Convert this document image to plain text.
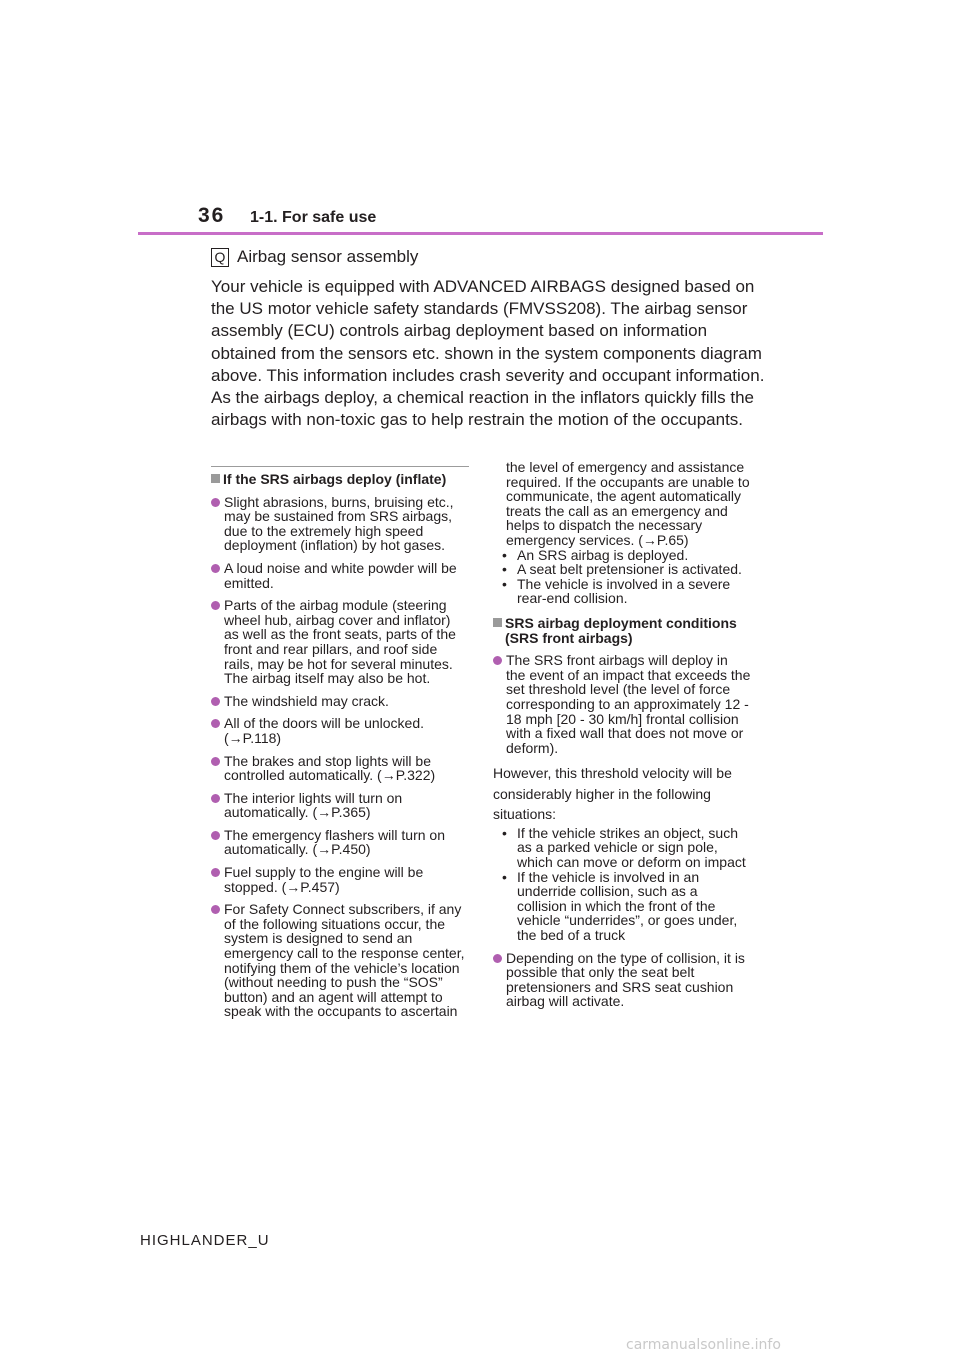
36 1-1. For safe use
Q Airbag sensor assembly

Your vehicle is equipped with ADVANCED AIRBAGS designed based on the US motor vehicle safety standards (FMVSS208). The airbag sensor assembly (ECU) controls airbag deployment based on information obtained from the sensors etc. shown in the system components diagram above. This information includes crash severity and occupant information. As the airbags deploy, a chemical reaction in the inflators quickly fills the airbags with non-toxic gas to help restrain the motion of the occupants.

If the SRS airbags deploy (inflate)
Slight abrasions, burns, bruising etc., may be sustained from SRS airbags, due to the extremely high speed deployment (inflation) by hot gases.
A loud noise and white powder will be emitted.
Parts of the airbag module (steering wheel hub, airbag cover and inflator) as well as the front seats, parts of the front and rear pillars, and roof side rails, may be hot for several minutes. The airbag itself may also be hot.
The windshield may crack.
All of the doors will be unlocked. (→P.118)
The brakes and stop lights will be controlled automatically. (→P.322)
The interior lights will turn on automatically. (→P.365)
The emergency flashers will turn on automatically. (→P.450)
Fuel supply to the engine will be stopped. (→P.457)
For Safety Connect subscribers, if any of the following situations occur, the system is designed to send an emergency call to the response center, notifying them of the vehicle’s location (without needing to push the “SOS” button) and an agent will attempt to speak with the occupants to ascertain
the level of emergency and assistance required. If the occupants are unable to communicate, the agent automatically treats the call as an emergency and helps to dispatch the necessary emergency services. (→P.65)
• An SRS airbag is deployed.
• A seat belt pretensioner is activated.
• The vehicle is involved in a severe rear-end collision.
SRS airbag deployment conditions (SRS front airbags)
The SRS front airbags will deploy in the event of an impact that exceeds the set threshold level (the level of force corresponding to an approximately 12 - 18 mph [20 - 30 km/h] frontal collision with a fixed wall that does not move or deform).
However, this threshold velocity will be considerably higher in the following situations:
• If the vehicle strikes an object, such as a parked vehicle or sign pole, which can move or deform on impact
• If the vehicle is involved in an underride collision, such as a collision in which the front of the vehicle “underrides”, or goes under, the bed of a truck
Depending on the type of collision, it is possible that only the seat belt pretensioners and SRS seat cushion airbag will activate.
HIGHLANDER_U
carmanualsonline.info
